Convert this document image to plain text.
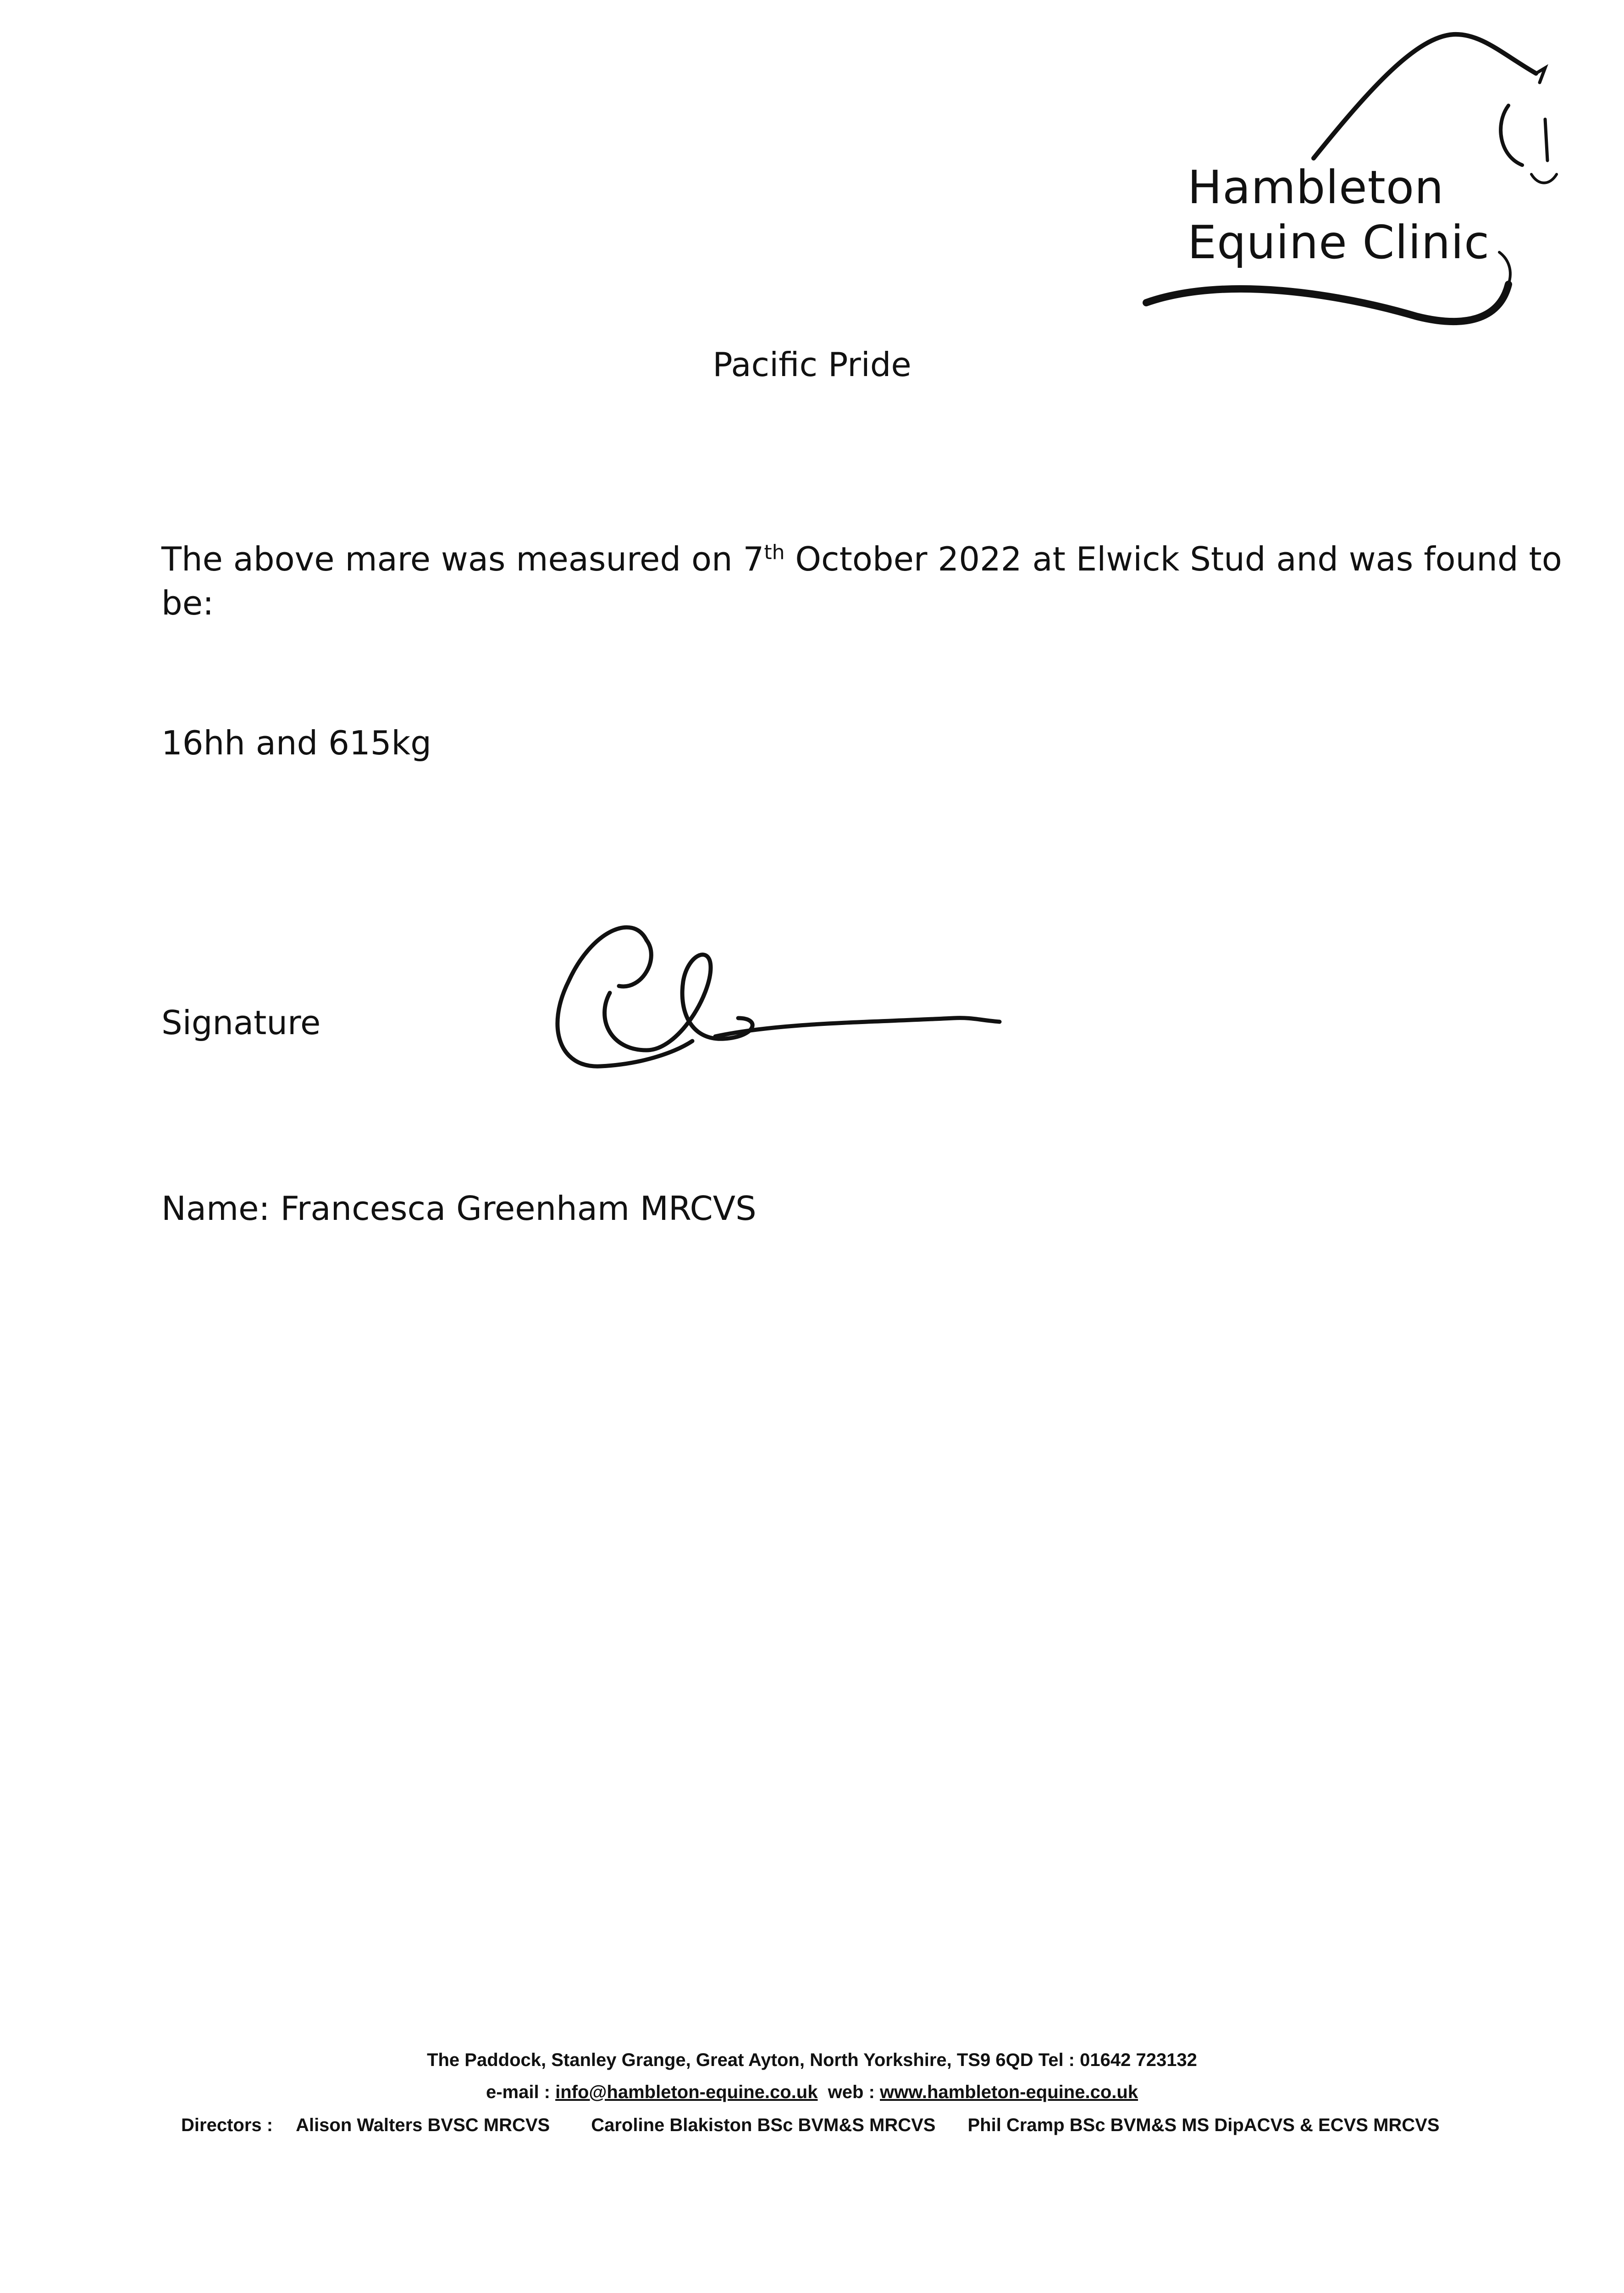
Hambleton
Equine Clinic
Pacific Pride
The above mare was measured on 7th October 2022 at Elwick Stud and was found to
be:
16hh and 615kg
Signature
Name: Francesca Greenham MRCVS
The Paddock, Stanley Grange, Great Ayton, North Yorkshire, TS9 6QD Tel : 01642 723132
e-mail : info@hambleton-equine.co.uk  web : www.hambleton-equine.co.uk
Directors : Alison Walters BVSC MRCVS Caroline Blakiston BSc BVM&S MRCVS Phil Cramp BSc BVM&S MS DipACVS & ECVS MRCVS
